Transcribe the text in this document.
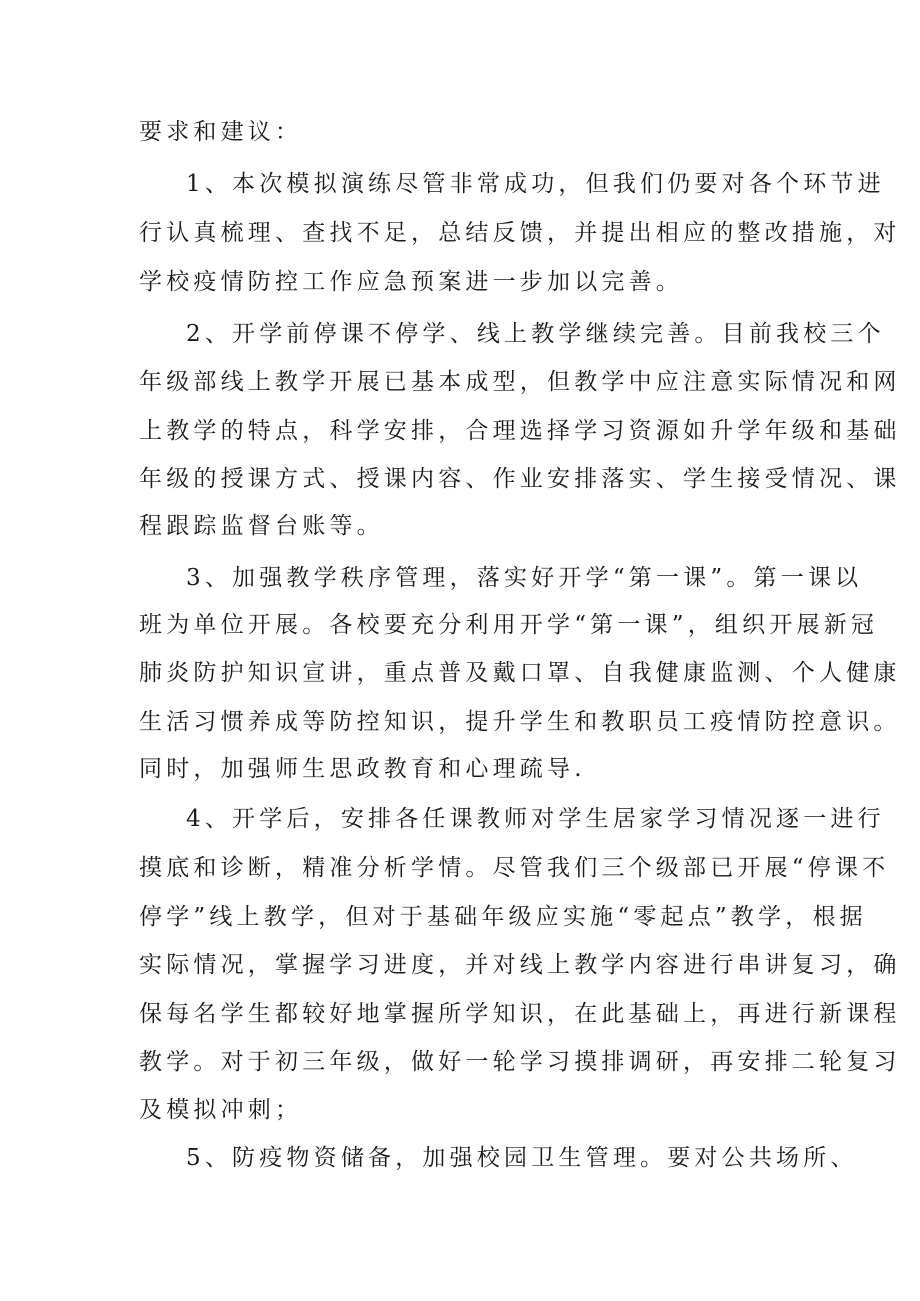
要求和建议：
1、本次模拟演练尽管非常成功，但我们仍要对各个环节进
行认真梳理、查找不足，总结反馈，并提出相应的整改措施，对
学校疫情防控工作应急预案进一步加以完善。
2、开学前停课不停学、线上教学继续完善。目前我校三个
年级部线上教学开展已基本成型，但教学中应注意实际情况和网
上教学的特点，科学安排，合理选择学习资源如升学年级和基础
年级的授课方式、授课内容、作业安排落实、学生接受情况、课
程跟踪监督台账等。
3、加强教学秩序管理，落实好开学“第一课”。第一课以
班为单位开展。各校要充分利用开学“第一课”，组织开展新冠
肺炎防护知识宣讲，重点普及戴口罩、自我健康监测、个人健康
生活习惯养成等防控知识，提升学生和教职员工疫情防控意识。
同时，加强师生思政教育和心理疏导.
4、开学后，安排各任课教师对学生居家学习情况逐一进行
摸底和诊断，精准分析学情。尽管我们三个级部已开展“停课不
停学”线上教学，但对于基础年级应实施“零起点”教学，根据
实际情况，掌握学习进度，并对线上教学内容进行串讲复习，确
保每名学生都较好地掌握所学知识，在此基础上，再进行新课程
教学。对于初三年级，做好一轮学习摸排调研，再安排二轮复习
及模拟冲刺；
5、防疫物资储备，加强校园卫生管理。要对公共场所、
